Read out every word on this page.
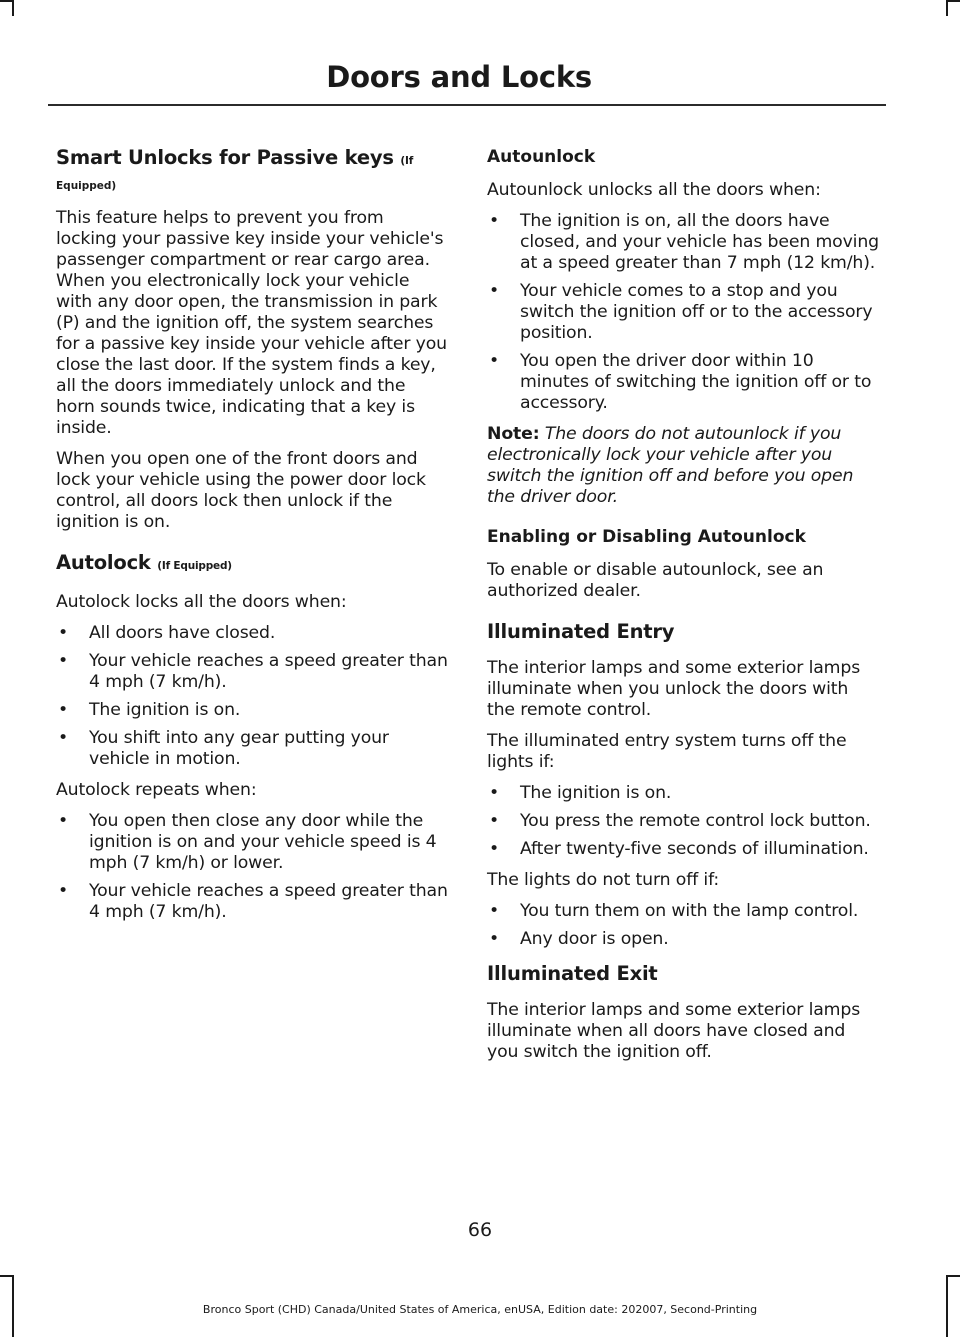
Doors and Locks
Smart Unlocks for Passive keys (If
Equipped)

This feature helps to prevent you from locking your passive key inside your vehicle's passenger compartment or rear cargo area. When you electronically lock your vehicle with any door open, the transmission in park (P) and the ignition off, the system searches for a passive key inside your vehicle after you close the last door. If the system finds a key, all the doors immediately unlock and the horn sounds twice, indicating that a key is inside.

When you open one of the front doors and lock your vehicle using the power door lock control, all doors lock then unlock if the ignition is on.

Autolock (If Equipped)

Autolock locks all the doors when:

• All doors have closed.
• Your vehicle reaches a speed greater than 4 mph (7 km/h).
• The ignition is on.
• You shift into any gear putting your vehicle in motion.

Autolock repeats when:

• You open then close any door while the ignition is on and your vehicle speed is 4 mph (7 km/h) or lower.
• Your vehicle reaches a speed greater than 4 mph (7 km/h).
Autounlock

Autounlock unlocks all the doors when:

• The ignition is on, all the doors have closed, and your vehicle has been moving at a speed greater than 7 mph (12 km/h).
• Your vehicle comes to a stop and you switch the ignition off or to the accessory position.
• You open the driver door within 10 minutes of switching the ignition off or to accessory.

Note: The doors do not autounlock if you electronically lock your vehicle after you switch the ignition off and before you open the driver door.

Enabling or Disabling Autounlock

To enable or disable autounlock, see an authorized dealer.

Illuminated Entry

The interior lamps and some exterior lamps illuminate when you unlock the doors with the remote control.

The illuminated entry system turns off the lights if:

• The ignition is on.
• You press the remote control lock button.
• After twenty-five seconds of illumination.

The lights do not turn off if:

• You turn them on with the lamp control.
• Any door is open.
Illuminated Exit

The interior lamps and some exterior lamps illuminate when all doors have closed and you switch the ignition off.

66
Bronco Sport (CHD) Canada/United States of America, enUSA, Edition date: 202007, Second-Printing
